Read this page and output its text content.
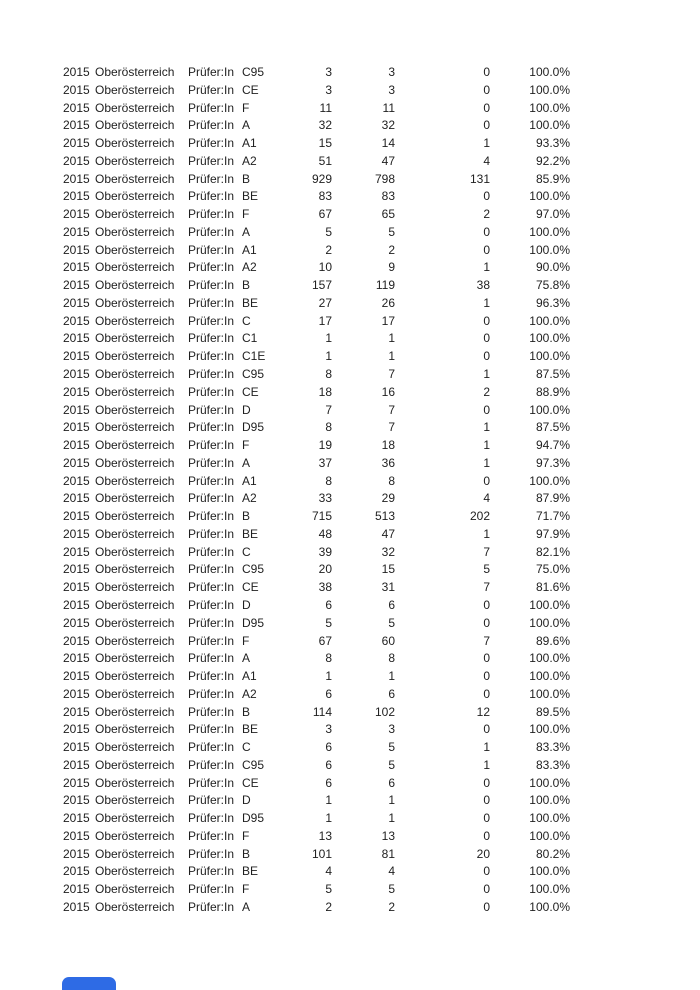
2015	Oberösterreich	Prüfer:In	C95	3	3	0	100.0%
2015	Oberösterreich	Prüfer:In	CE	3	3	0	100.0%
2015	Oberösterreich	Prüfer:In	F	11	11	0	100.0%
2015	Oberösterreich	Prüfer:In	A	32	32	0	100.0%
2015	Oberösterreich	Prüfer:In	A1	15	14	1	93.3%
2015	Oberösterreich	Prüfer:In	A2	51	47	4	92.2%
2015	Oberösterreich	Prüfer:In	B	929	798	131	85.9%
2015	Oberösterreich	Prüfer:In	BE	83	83	0	100.0%
2015	Oberösterreich	Prüfer:In	F	67	65	2	97.0%
2015	Oberösterreich	Prüfer:In	A	5	5	0	100.0%
2015	Oberösterreich	Prüfer:In	A1	2	2	0	100.0%
2015	Oberösterreich	Prüfer:In	A2	10	9	1	90.0%
2015	Oberösterreich	Prüfer:In	B	157	119	38	75.8%
2015	Oberösterreich	Prüfer:In	BE	27	26	1	96.3%
2015	Oberösterreich	Prüfer:In	C	17	17	0	100.0%
2015	Oberösterreich	Prüfer:In	C1	1	1	0	100.0%
2015	Oberösterreich	Prüfer:In	C1E	1	1	0	100.0%
2015	Oberösterreich	Prüfer:In	C95	8	7	1	87.5%
2015	Oberösterreich	Prüfer:In	CE	18	16	2	88.9%
2015	Oberösterreich	Prüfer:In	D	7	7	0	100.0%
2015	Oberösterreich	Prüfer:In	D95	8	7	1	87.5%
2015	Oberösterreich	Prüfer:In	F	19	18	1	94.7%
2015	Oberösterreich	Prüfer:In	A	37	36	1	97.3%
2015	Oberösterreich	Prüfer:In	A1	8	8	0	100.0%
2015	Oberösterreich	Prüfer:In	A2	33	29	4	87.9%
2015	Oberösterreich	Prüfer:In	B	715	513	202	71.7%
2015	Oberösterreich	Prüfer:In	BE	48	47	1	97.9%
2015	Oberösterreich	Prüfer:In	C	39	32	7	82.1%
2015	Oberösterreich	Prüfer:In	C95	20	15	5	75.0%
2015	Oberösterreich	Prüfer:In	CE	38	31	7	81.6%
2015	Oberösterreich	Prüfer:In	D	6	6	0	100.0%
2015	Oberösterreich	Prüfer:In	D95	5	5	0	100.0%
2015	Oberösterreich	Prüfer:In	F	67	60	7	89.6%
2015	Oberösterreich	Prüfer:In	A	8	8	0	100.0%
2015	Oberösterreich	Prüfer:In	A1	1	1	0	100.0%
2015	Oberösterreich	Prüfer:In	A2	6	6	0	100.0%
2015	Oberösterreich	Prüfer:In	B	114	102	12	89.5%
2015	Oberösterreich	Prüfer:In	BE	3	3	0	100.0%
2015	Oberösterreich	Prüfer:In	C	6	5	1	83.3%
2015	Oberösterreich	Prüfer:In	C95	6	5	1	83.3%
2015	Oberösterreich	Prüfer:In	CE	6	6	0	100.0%
2015	Oberösterreich	Prüfer:In	D	1	1	0	100.0%
2015	Oberösterreich	Prüfer:In	D95	1	1	0	100.0%
2015	Oberösterreich	Prüfer:In	F	13	13	0	100.0%
2015	Oberösterreich	Prüfer:In	B	101	81	20	80.2%
2015	Oberösterreich	Prüfer:In	BE	4	4	0	100.0%
2015	Oberösterreich	Prüfer:In	F	5	5	0	100.0%
2015	Oberösterreich	Prüfer:In	A	2	2	0	100.0%
